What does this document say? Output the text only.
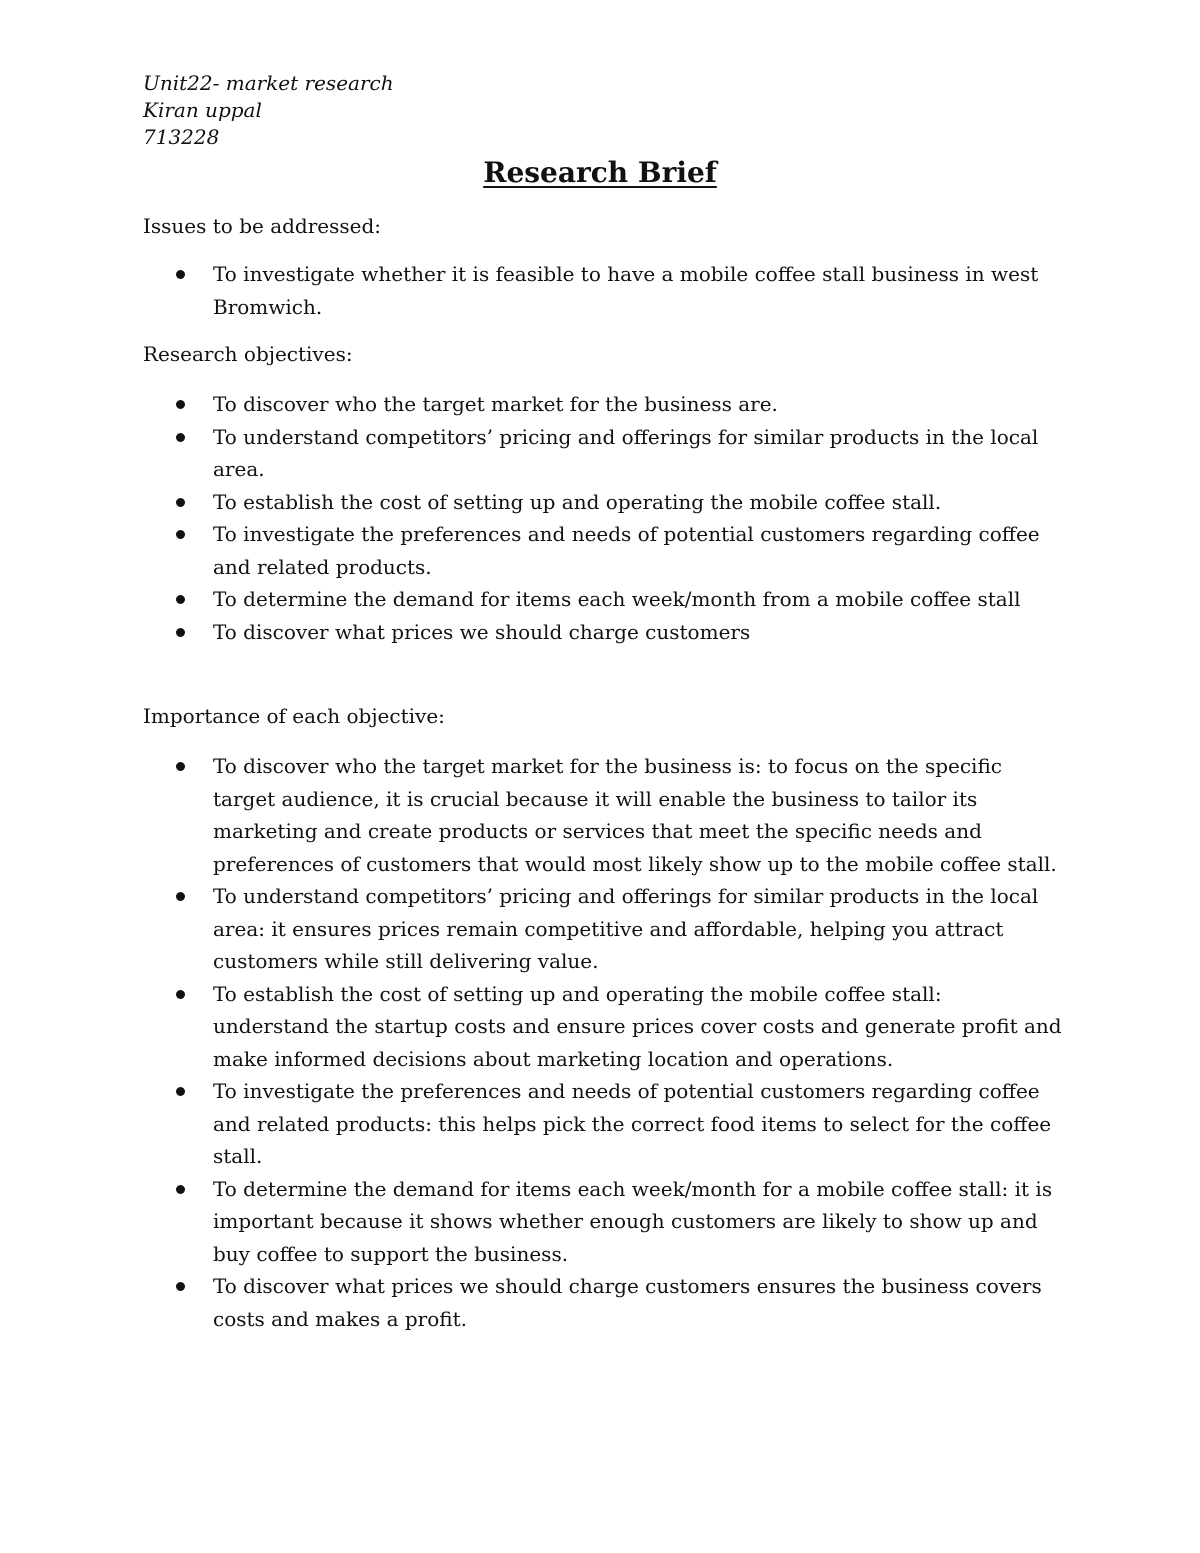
Unit22- market research
Kiran uppal
713228
Research Brief

Issues to be addressed:

To investigate whether it is feasible to have a mobile coffee stall business in west Bromwich.

Research objectives:

To discover who the target market for the business are.
To understand competitors’ pricing and offerings for similar products in the local area.
To establish the cost of setting up and operating the mobile coffee stall.
To investigate the preferences and needs of potential customers regarding coffee and related products.
To determine the demand for items each week/month from a mobile coffee stall
To discover what prices we should charge customers

Importance of each objective:

To discover who the target market for the business is: to focus on the specific target audience, it is crucial because it will enable the business to tailor its marketing and create products or services that meet the specific needs and preferences of customers that would most likely show up to the mobile coffee stall.
To understand competitors’ pricing and offerings for similar products in the local area: it ensures prices remain competitive and affordable, helping you attract customers while still delivering value.
To establish the cost of setting up and operating the mobile coffee stall: understand the startup costs and ensure prices cover costs and generate profit and make informed decisions about marketing location and operations.
To investigate the preferences and needs of potential customers regarding coffee and related products: this helps pick the correct food items to select for the coffee stall.
To determine the demand for items each week/month for a mobile coffee stall: it is important because it shows whether enough customers are likely to show up and buy coffee to support the business.
To discover what prices we should charge customers ensures the business covers costs and makes a profit.
